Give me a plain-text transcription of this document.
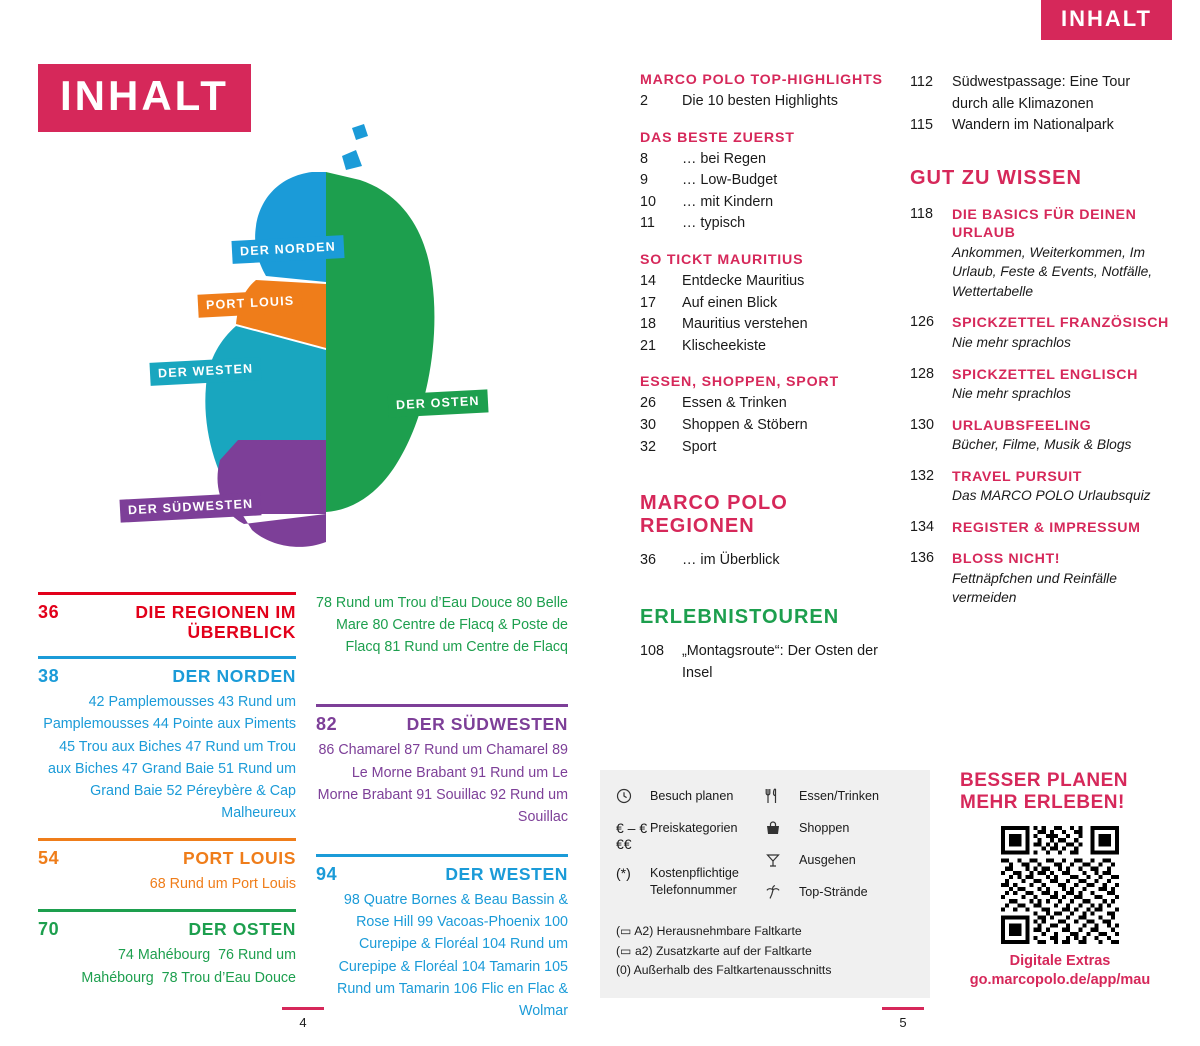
INHALT
INHALT
DER NORDEN
PORT LOUIS
DER WESTEN
DER OSTEN
DER SÜDWESTEN
36	DIE REGIONEN IM ÜBERBLICK
38	DER NORDEN
42 Pamplemousses 43 Rund um Pamplemousses 44 Pointe aux Piments 45 Trou aux Biches 47 Rund um Trou aux Biches 47 Grand Baie 51 Rund um Grand Baie 52 Péreybère & Cap Malheureux
54	PORT LOUIS
68 Rund um Port Louis
70	DER OSTEN
74 Mahébourg  76 Rund um Mahébourg  78 Trou d’Eau Douce
78 Rund um Trou d’Eau Douce 80 Belle Mare 80 Centre de Flacq & Poste de Flacq 81 Rund um Centre de Flacq
82	DER SÜDWESTEN
86 Chamarel 87 Rund um Chamarel 89 Le Morne Brabant 91 Rund um Le Morne Brabant 91 Souillac 92 Rund um Souillac
94	DER WESTEN
98 Quatre Bornes & Beau Bassin & Rose Hill 99 Vacoas-Phoenix 100 Curepipe & Floréal 104 Rund um Curepipe & Floréal 104 Tamarin 105 Rund um Tamarin 106 Flic en Flac & Wolmar
MARCO POLO TOP-HIGHLIGHTS
2	Die 10 besten Highlights
DAS BESTE ZUERST
8	… bei Regen
9	… Low-Budget
10	… mit Kindern
11	… typisch
SO TICKT MAURITIUS
14	Entdecke Mauritius
17	Auf einen Blick
18	Mauritius verstehen
21	Klischeekiste
ESSEN, SHOPPEN, SPORT
26	Essen & Trinken
30	Shoppen & Stöbern
32	Sport
MARCO POLO REGIONEN
36	… im Überblick
ERLEBNISTOUREN
108	„Montagsroute“: Der Osten der Insel
112	Südwestpassage: Eine Tour durch alle Klimazonen
115	Wandern im Nationalpark
GUT ZU WISSEN
118	DIE BASICS FÜR DEINEN URLAUB
Ankommen, Weiterkommen, Im Urlaub, Feste & Events, Notfälle, Wettertabelle
126	SPICKZETTEL FRANZÖSISCH
Nie mehr sprachlos
128	SPICKZETTEL ENGLISCH
Nie mehr sprachlos
130	URLAUBSFEELING
Bücher, Filme, Musik & Blogs
132	TRAVEL PURSUIT
Das MARCO POLO Urlaubsquiz
134	REGISTER & IMPRESSUM
136	BLOSS NICHT!
Fettnäpfchen und Reinfälle vermeiden
Besuch planen
€ – €€€
Preiskategorien
(*)	Kostenpflichtige Telefonnummer
Essen/Trinken
Shoppen
Ausgehen
Top-Strände
(▭ A2) Herausnehmbare Faltkarte
(▭ a2) Zusatzkarte auf der Faltkarte
(0) Außerhalb des Faltkartenausschnitts
BESSER PLANEN
MEHR ERLEBEN!
Digitale Extras
go.marcopolo.de/app/mau
4	5
